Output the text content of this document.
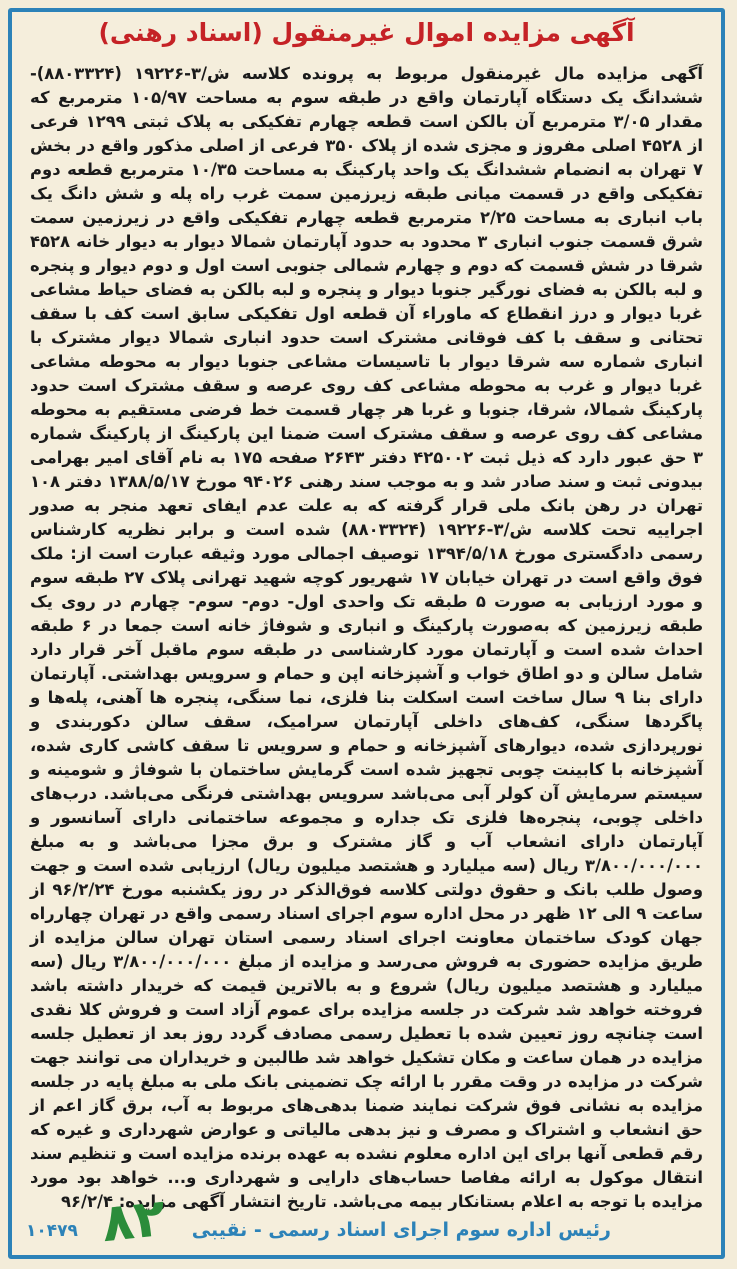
آگهی مزایده اموال غیرمنقول (اسناد رهنی)
آگهی مزایده مال غیرمنقول مربوط به پرونده کلاسه ش/۳-۱۹۲۲۶ (۸۸۰۳۳۲۴)- ششدانگ یک دستگاه آپارتمان واقع در طبقه سوم به مساحت ۱۰۵/۹۷ مترمربع که مقدار ۳/۰۵ مترمربع آن بالکن است قطعه چهارم تفکیکی به پلاک ثبتی ۱۲۹۹ فرعی از ۴۵۲۸ اصلی مفروز و مجزی شده از پلاک ۳۵۰ فرعی از اصلی مذکور واقع در بخش ۷ تهران به انضمام ششدانگ یک واحد پارکینگ به مساحت ۱۰/۳۵ مترمربع قطعه دوم تفکیکی واقع در قسمت میانی طبقه زیرزمین سمت غرب راه پله و شش دانگ یک باب انباری به مساحت ۲/۲۵ مترمربع قطعه چهارم تفکیکی واقع در زیرزمین سمت شرق قسمت جنوب انباری ۳ محدود به حدود آپارتمان شمالا دیوار به دیوار خانه ۴۵۲۸ شرقا در شش قسمت که دوم و چهارم شمالی جنوبی است اول و دوم دیوار و پنجره و لبه بالکن به فضای نورگیر جنوبا دیوار و پنجره و لبه بالکن به فضای حیاط مشاعی غربا دیوار و درز انقطاع که ماوراء آن قطعه اول تفکیکی سابق است کف با سقف تحتانی و سقف با کف فوقانی مشترک است حدود انباری شمالا دیوار مشترک با انباری شماره سه شرقا دیوار با تاسیسات مشاعی جنوبا دیوار به محوطه مشاعی غربا دیوار و غرب به محوطه مشاعی کف روی عرصه و سقف مشترک است حدود پارکینگ شمالا، شرقا، جنوبا و غربا هر چهار قسمت خط فرضی مستقیم به محوطه مشاعی کف روی عرصه و سقف مشترک است ضمنا این پارکینگ از پارکینگ شماره ۳ حق عبور دارد که ذیل ثبت ۴۲۵۰۰۲ دفتر ۲۶۴۳ صفحه ۱۷۵ به نام آقای امیر بهرامی بیدونی ثبت و سند صادر شد و به موجب سند رهنی ۹۴۰۲۶ مورخ ۱۳۸۸/۵/۱۷ دفتر ۱۰۸ تهران در رهن بانک ملی قرار گرفته که به علت عدم ایفای تعهد منجر به صدور اجراییه تحت کلاسه ش/۳-۱۹۲۲۶ (۸۸۰۳۳۲۴) شده است و برابر نظریه کارشناس رسمی دادگستری مورخ ۱۳۹۴/۵/۱۸ توصیف اجمالی مورد وثیقه عبارت است از: ملک فوق واقع است در تهران خیابان ۱۷ شهریور کوچه شهید تهرانی پلاک ۲۷ طبقه سوم و مورد ارزیابی به صورت ۵ طبقه تک واحدی اول- دوم- سوم- چهارم در روی یک طبقه زیرزمین که به‌صورت پارکینگ و انباری و شوفاژ خانه است جمعا در ۶ طبقه احداث شده است و آپارتمان مورد کارشناسی در طبقه سوم ماقبل آخر قرار دارد شامل سالن و دو اطاق خواب و آشپزخانه اپن و حمام و سرویس بهداشتی. آپارتمان دارای بنا ۹ سال ساخت است اسکلت بنا فلزی، نما سنگی، پنجره ها آهنی، پله‌ها و پاگردها سنگی، کف‌های داخلی آپارتمان سرامیک، سقف سالن دکوربندی و نورپردازی شده، دیوارهای آشپزخانه و حمام و سرویس تا سقف کاشی کاری شده، آشپزخانه با کابینت چوبی تجهیز شده است گرمایش ساختمان با شوفاژ و شومینه و سیستم سرمایش آن کولر آبی می‌باشد سرویس بهداشتی فرنگی می‌باشد. درب‌های داخلی چوبی، پنجره‌ها فلزی تک جداره و مجموعه ساختمانی دارای آسانسور و آپارتمان دارای انشعاب آب و گاز مشترک و برق مجزا می‌باشد و به مبلغ ۳/۸۰۰/۰۰۰/۰۰۰ ریال (سه میلیارد و هشتصد میلیون ریال) ارزیابی شده است و جهت وصول طلب بانک و حقوق دولتی کلاسه فوق‌الذکر در روز یکشنبه مورخ ۹۶/۲/۲۴ از ساعت ۹ الی ۱۲ ظهر در محل اداره سوم اجرای اسناد رسمی واقع در تهران چهارراه جهان کودک ساختمان معاونت اجرای اسناد رسمی استان تهران سالن مزایده از طریق مزایده حضوری به فروش می‌رسد و مزایده از مبلغ ۳/۸۰۰/۰۰۰/۰۰۰ ریال (سه میلیارد و هشتصد میلیون ریال) شروع و به بالاترین قیمت که خریدار داشته باشد فروخته خواهد شد شرکت در جلسه مزایده برای عموم آزاد است و فروش کلا نقدی است چنانچه روز تعیین شده با تعطیل رسمی مصادف گردد روز بعد از تعطیل جلسه مزایده در همان ساعت و مکان تشکیل خواهد شد طالبین و خریداران می توانند جهت شرکت در مزایده در وقت مقرر با ارائه چک تضمینی بانک ملی به مبلغ پایه در جلسه مزایده به نشانی فوق شرکت نمایند ضمنا بدهی‌های مربوط به آب، برق گاز اعم از حق انشعاب و اشتراک و مصرف و نیز بدهی مالیاتی و عوارض شهرداری و غیره که رقم قطعی آنها برای این اداره معلوم نشده به عهده برنده مزایده است و تنظیم سند انتقال موکول به ارائه مفاصا حساب‌های دارایی و شهرداری و... خواهد بود مورد مزایده با توجه به اعلام بستانکار بیمه می‌باشد. تاریخ انتشار آگهی مزایده: ۹۶/۲/۴
رئیس اداره سوم اجرای اسناد رسمی - نقیبی
۸۲
۱۰۴۷۹
